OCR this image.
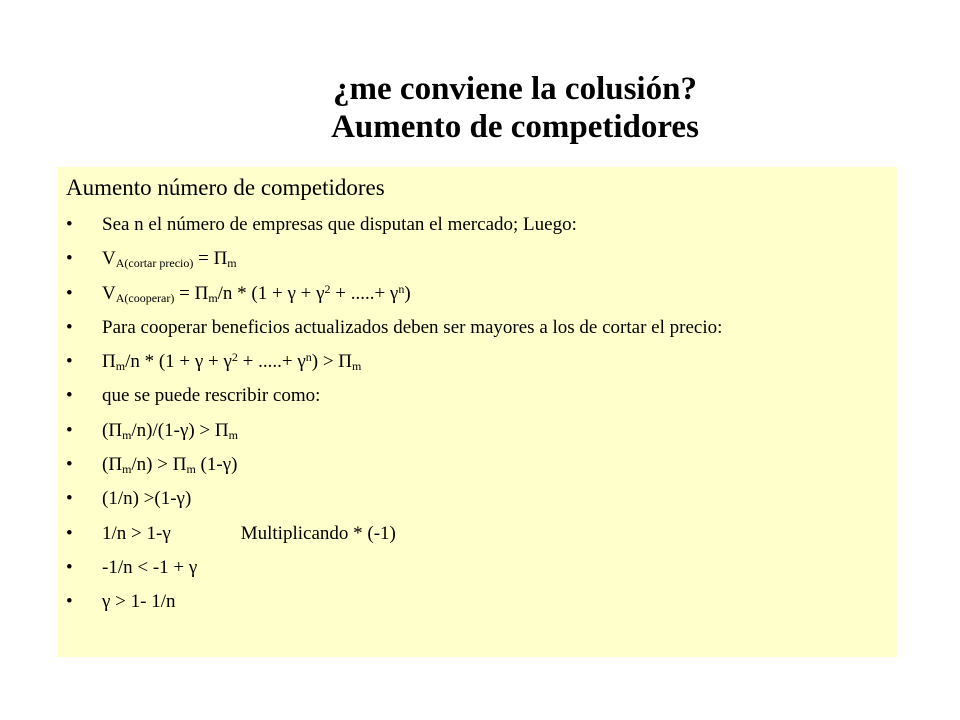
¿me conviene la colusión?
Aumento de competidores
Aumento número de competidores
• Sea n el número de empresas que disputan el mercado; Luego:
• $V_{A(cortar precio)} = \Pi_m$
• $V_{A(cooperar)} = \Pi_m/n * (1 + \gamma + \gamma^2$ + .....+ $\gamma^n$)
• Para cooperar beneficios actualizados deben ser mayores a los de cortar el precio:
• $\Pi_m/n * (1 + \gamma + \gamma^2$ + .....+ $\gamma^n) > \Pi_m$
• que se puede rescribir como:
• $(\Pi_m/n)/(1-\gamma) > \Pi_m$
• $(\Pi_m/n) > \Pi_m$ (1-γ)
• (1/n) >(1-γ)
• 1/n > 1-γ	Multiplicando * (-1)
• -1/n < -1 + γ
• γ > 1- 1/n
